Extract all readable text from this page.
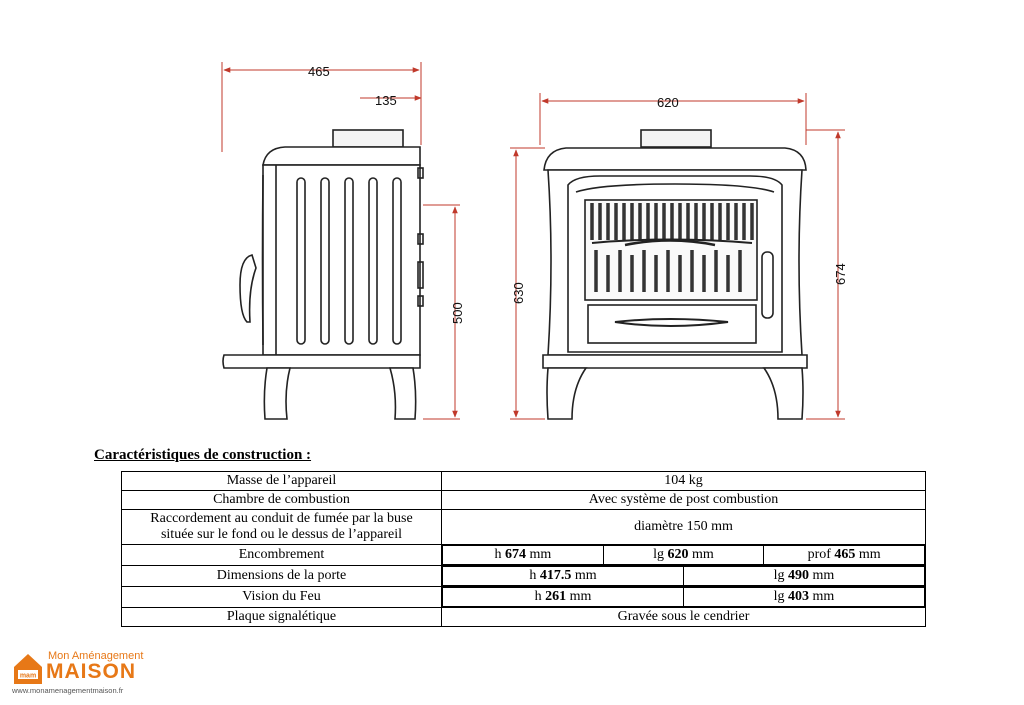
465
135
500
620
630
674

Caractéristiques de construction :

Masse de l’appareil	104 kg
Chambre de combustion	Avec système de post combustion
Raccordement au conduit de fumée par la buse
située sur le fond ou le dessus de l’appareil	diamètre 150 mm
Encombrement		h 674 mm	lg 620 mm	prof 465 mm

Dimensions de la porte		h 417.5 mm	lg 490 mm

Vision du Feu		h 261 mm	lg 403 mm

Plaque signalétique	Gravée sous le cendrier
mam
Mon Aménagement
MAISON
www.monamenagementmaison.fr
